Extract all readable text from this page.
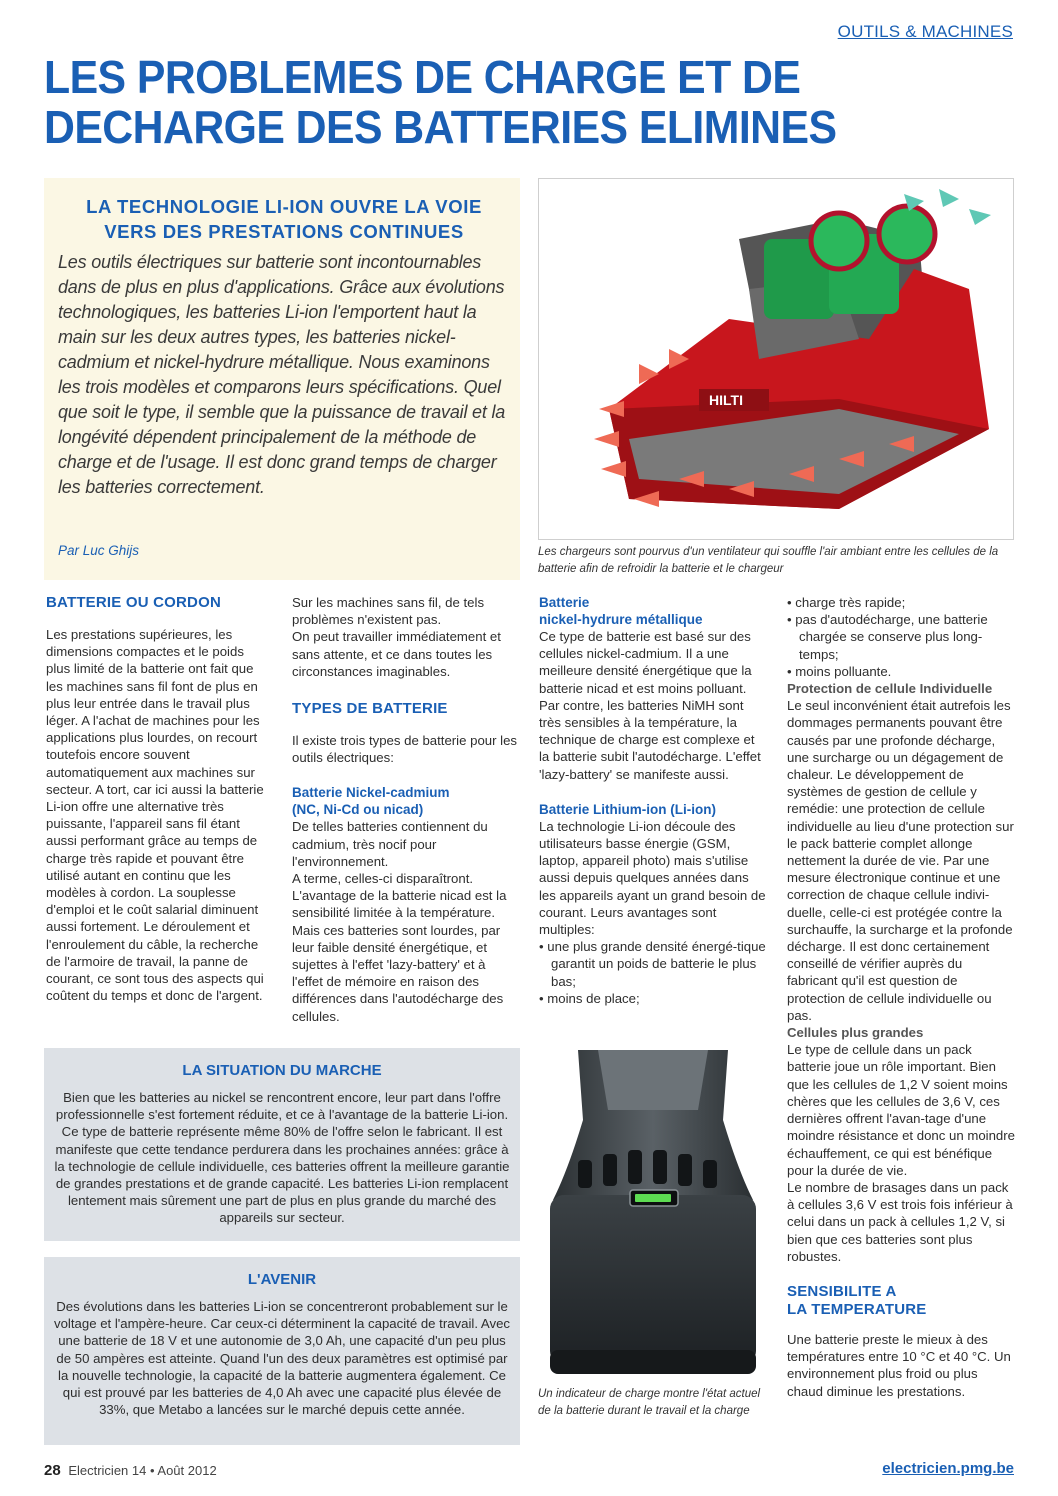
OUTILS & MACHINES
LES PROBLEMES DE CHARGE ET DE
DECHARGE DES BATTERIES ELIMINES
LA TECHNOLOGIE LI-ION OUVRE LA VOIE
VERS DES PRESTATIONS CONTINUES

Les outils électriques sur batterie sont incontournables dans de plus en plus d'applications. Grâce aux évolutions technologiques, les batteries Li-ion l'emportent haut la main sur les deux autres types, les batteries nickel-cadmium et nickel-hydrure métallique. Nous examinons les trois modèles et comparons leurs spécifications. Quel que soit le type, il semble que la puissance de travail et la longévité dépendent principalement de la méthode de charge et de l'usage. Il est donc grand temps de charger les batteries correctement.

Par Luc Ghijs
HILTI
Les chargeurs sont pourvus d'un ventilateur qui souffle l'air ambiant entre les cellules de la batterie afin de refroidir la batterie et le chargeur
BATTERIE OU CORDON

Les prestations supérieures, les dimensions compactes et le poids plus limité de la batterie ont fait que les machines sans fil font de plus en plus leur entrée dans le travail plus léger. A l'achat de machines pour les applications plus lourdes, on recourt toutefois encore souvent automatiquement aux machines sur secteur. A tort, car ici aussi la batterie Li-ion offre une alternative très puissante, l'appareil sans fil étant aussi performant grâce au temps de charge très rapide et pouvant être utilisé autant en continu que les modèles à cordon. La souplesse d'emploi et le coût salarial diminuent aussi fortement. Le déroulement et l'enroulement du câble, la recherche de l'armoire de travail, la panne de courant, ce sont tous des aspects qui coûtent du temps et donc de l'argent.

Sur les machines sans fil, de tels problèmes n'existent pas.

On peut travailler immédiatement et sans attente, et ce dans toutes les circonstances imaginables.

TYPES DE BATTERIE

Il existe trois types de batterie pour les outils électriques:

Batterie Nickel-cadmium
(NC, Ni-Cd ou nicad)

De telles batteries contiennent du cadmium, très nocif pour l'environnement.

A terme, celles-ci disparaîtront. L'avantage de la batterie nicad est la sensibilité limitée à la température. Mais ces batteries sont lourdes, par leur faible densité énergétique, et sujettes à l'effet 'lazy-battery' et à l'effet de mémoire en raison des différences dans l'autodécharge des cellules.

Batterie
nickel-hydrure métallique

Ce type de batterie est basé sur des cellules nickel-cadmium. Il a une meilleure densité énergétique que la batterie nicad et est moins polluant. Par contre, les batteries NiMH sont très sensibles à la température, la technique de charge est complexe et la batterie subit l'autodécharge. L'effet 'lazy-battery' se manifeste aussi.

Batterie Lithium-ion (Li-ion)

La technologie Li-ion découle des utilisateurs basse énergie (GSM, laptop, appareil photo) mais s'utilise aussi depuis quelques années dans les appareils ayant un grand besoin de courant. Leurs avantages sont multiples:

• une plus grande densité énergé-tique garantit un poids de batterie le plus bas;
• moins de place;
• charge très rapide;
• pas d'autodécharge, une batterie chargée se conserve plus long-temps;
• moins polluante.
Protection de cellule Individuelle

Le seul inconvénient était autrefois les dommages permanents pouvant être causés par une profonde décharge, une surcharge ou un dégagement de chaleur. Le développement de systèmes de gestion de cellule y remédie: une protection de cellule individuelle au lieu d'une protection sur le pack batterie complet allonge nettement la durée de vie. Par une mesure électronique continue et une correction de chaque cellule indivi-duelle, celle-ci est protégée contre la surchauffe, la surcharge et la profonde décharge. Il est donc certainement conseillé de vérifier auprès du fabricant qu'il est question de protection de cellule individuelle ou pas.

Cellules plus grandes

Le type de cellule dans un pack batterie joue un rôle important. Bien que les cellules de 1,2 V soient moins chères que les cellules de 3,6 V, ces dernières offrent l'avan-tage d'une moindre résistance et donc un moindre échauffement, ce qui est bénéfique pour la durée de vie.

Le nombre de brasages dans un pack à cellules 3,6 V est trois fois inférieur à celui dans un pack à cellules 1,2 V, si bien que ces batteries sont plus robustes.

SENSIBILITE A
LA TEMPERATURE

Une batterie preste le mieux à des températures entre 10 °C et 40 °C. Un environnement plus froid ou plus chaud diminue les prestations.

LA SITUATION DU MARCHE

Bien que les batteries au nickel se rencontrent encore, leur part dans l'offre professionnelle s'est fortement réduite, et ce à l'avantage de la batterie Li-ion. Ce type de batterie représente même 80% de l'offre selon le fabricant. Il est manifeste que cette tendance perdurera dans les prochaines années: grâce à la technologie de cellule individuelle, ces batteries offrent la meilleure garantie de grandes prestations et de grande capacité. Les batteries Li-ion remplacent lentement mais sûrement une part de plus en plus grande du marché des appareils sur secteur.

L'AVENIR

Des évolutions dans les batteries Li-ion se concentreront probablement sur le voltage et l'ampère-heure. Car ceux-ci déterminent la capacité de travail. Avec une batterie de 18 V et une autonomie de 3,0 Ah, une capacité d'un peu plus de 50 ampères est atteinte. Quand l'un des deux paramètres est optimisé par la nouvelle technologie, la capacité de la batterie augmentera également. Ce qui est prouvé par les batteries de 4,0 Ah avec une capacité plus élevée de 33%, que Metabo a lancées sur le marché depuis cette année.

Un indicateur de charge montre l'état actuel de la batterie durant le travail et la charge
28 Electricien 14 • Août 2012	electricien.pmg.be
